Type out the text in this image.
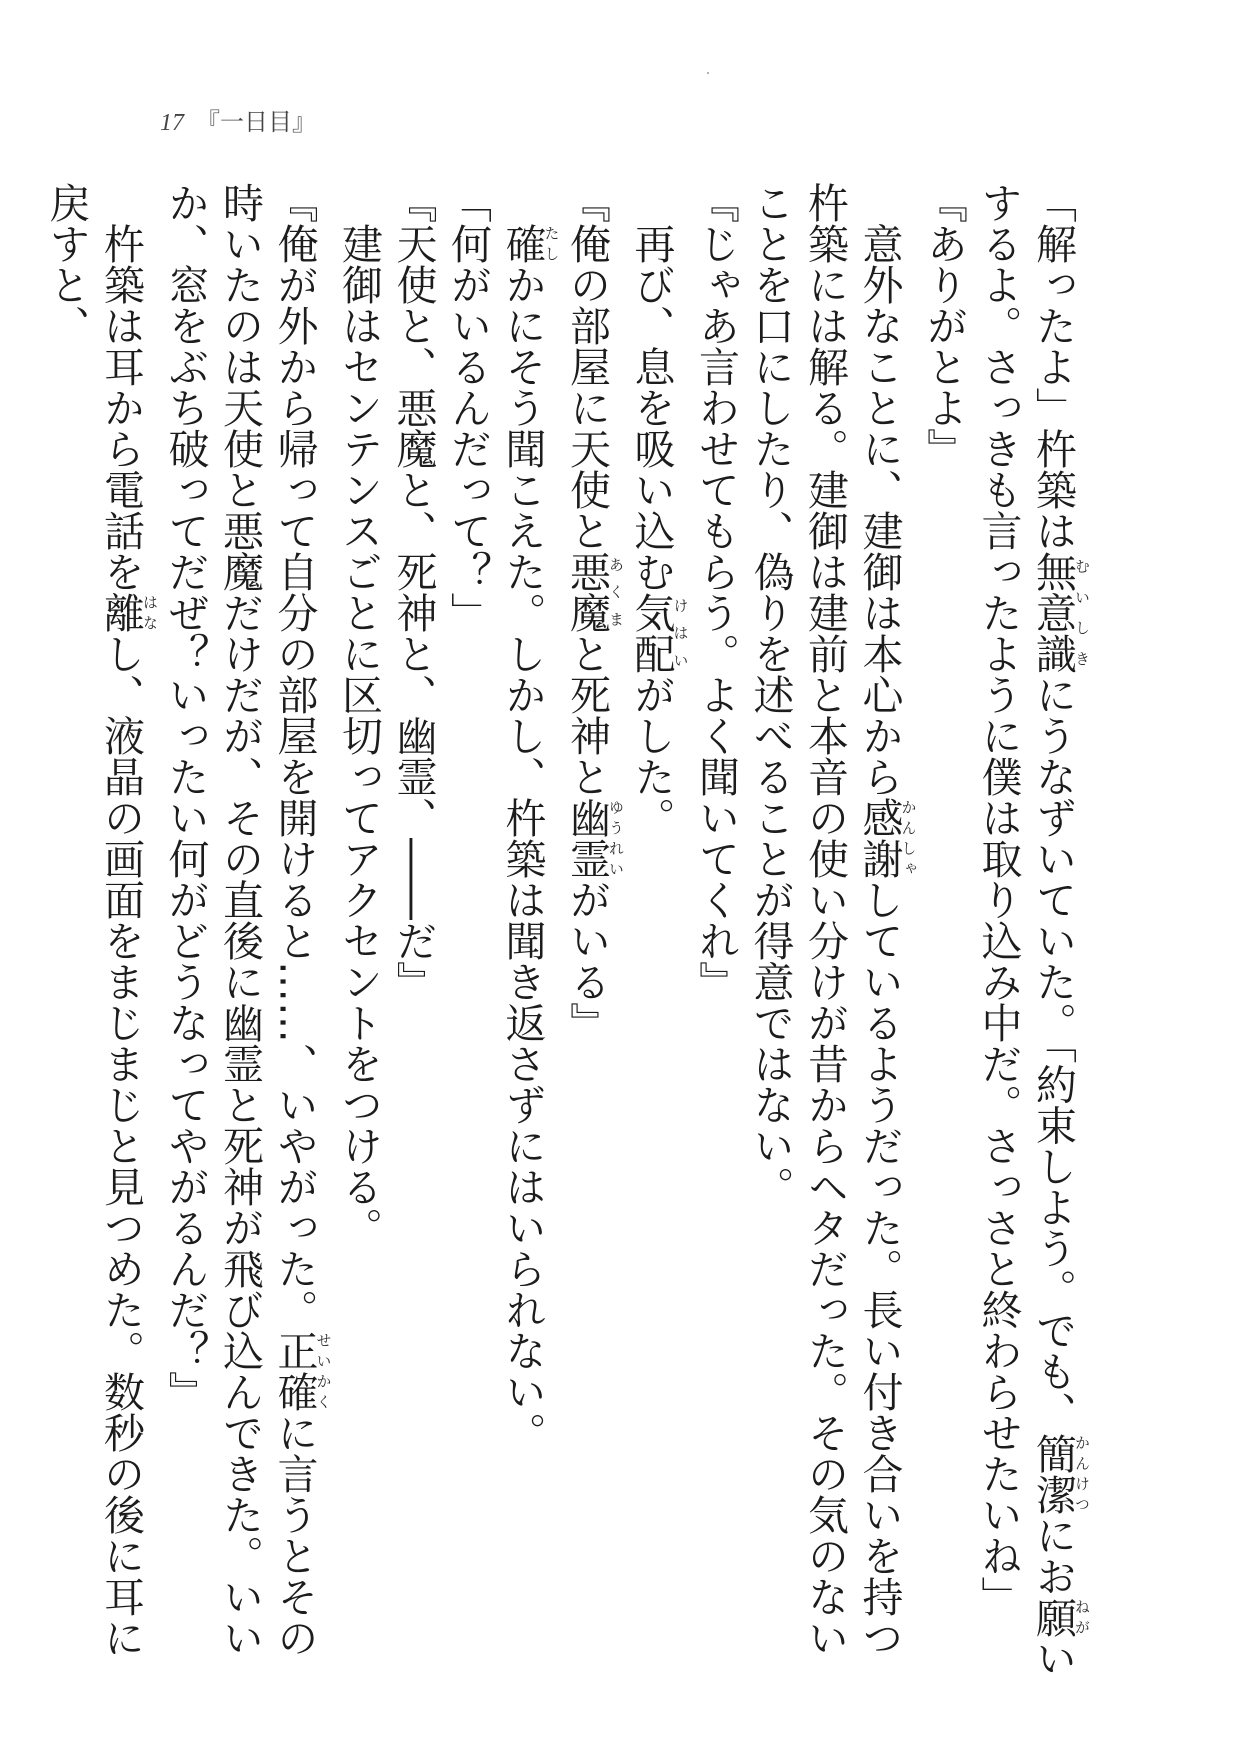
17 『一日目』

「解ったよ」杵築は無意識むいしきにうなずいていた。「約束しよう。でも、簡潔かんけつにお願ねがいするよ。さっきも言ったように僕は取り込み中だ。さっさと終わらせたいね」

『ありがとよ』

意外なことに、建御は本心から感謝かんしゃしているようだった。長い付き合いを持つ杵築には解る。建御は建前と本音の使い分けが昔からヘタだった。その気のないことを口にしたり、偽りを述べることが得意ではない。

『じゃあ言わせてもらう。よく聞いてくれ』

再び、息を吸い込む気配けはいがした。

『俺の部屋に天使と悪魔あくまと死神と幽霊ゆうれいがいる』

確たしかにそう聞こえた。しかし、杵築は聞き返さずにはいられない。

「何がいるんだって？」

『天使と、悪魔と、死神と、幽霊、――だ』

建御はセンテンスごとに区切ってアクセントをつける。

『俺が外から帰って自分の部屋を開けると……、いやがった。正確せいかくに言うとその時いたのは天使と悪魔だけだが、その直後に幽霊と死神が飛び込んできた。いいか、窓をぶち破ってだぜ？いったい何がどうなってやがるんだ？』

杵築は耳から電話を離はなし、液晶の画面をまじまじと見つめた。数秒の後に耳に戻すと、
